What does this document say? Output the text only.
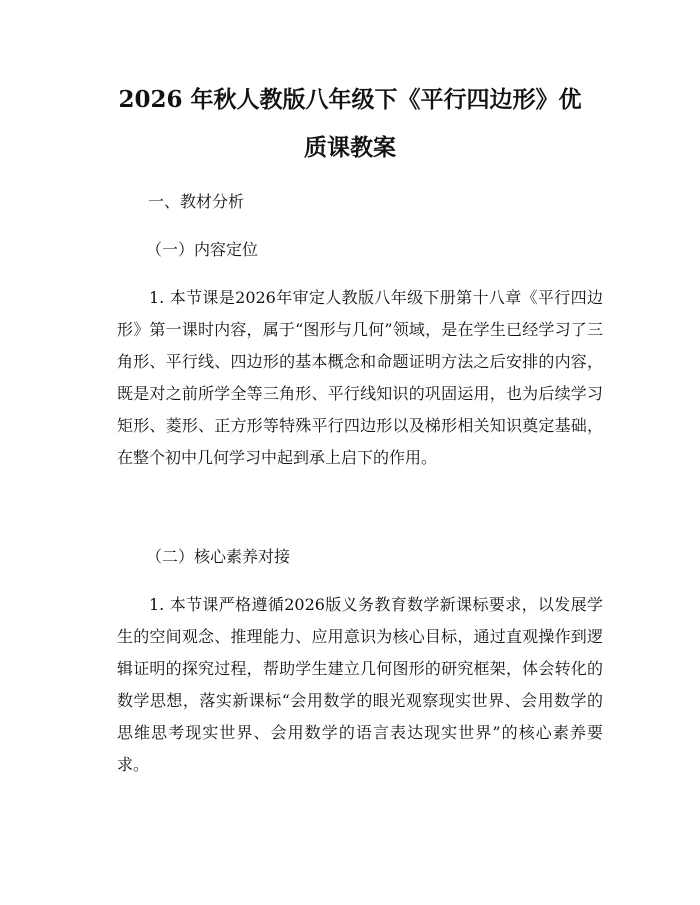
2026 年秋人教版八年级下《平行四边形》优
质课教案
一、教材分析
（一）内容定位

1. 本节课是2026年审定人教版八年级下册第十八章《平行四边形》第一课时内容，属于“图形与几何”领域，是在学生已经学习了三角形、平行线、四边形的基本概念和命题证明方法之后安排的内容，既是对之前所学全等三角形、平行线知识的巩固运用，也为后续学习矩形、菱形、正方形等特殊平行四边形以及梯形相关知识奠定基础，在整个初中几何学习中起到承上启下的作用。

（二）核心素养对接

1. 本节课严格遵循2026版义务教育数学新课标要求，以发展学生的空间观念、推理能力、应用意识为核心目标，通过直观操作到逻辑证明的探究过程，帮助学生建立几何图形的研究框架，体会转化的数学思想，落实新课标“会用数学的眼光观察现实世界、会用数学的思维思考现实世界、会用数学的语言表达现实世界”的核心素养要求。
